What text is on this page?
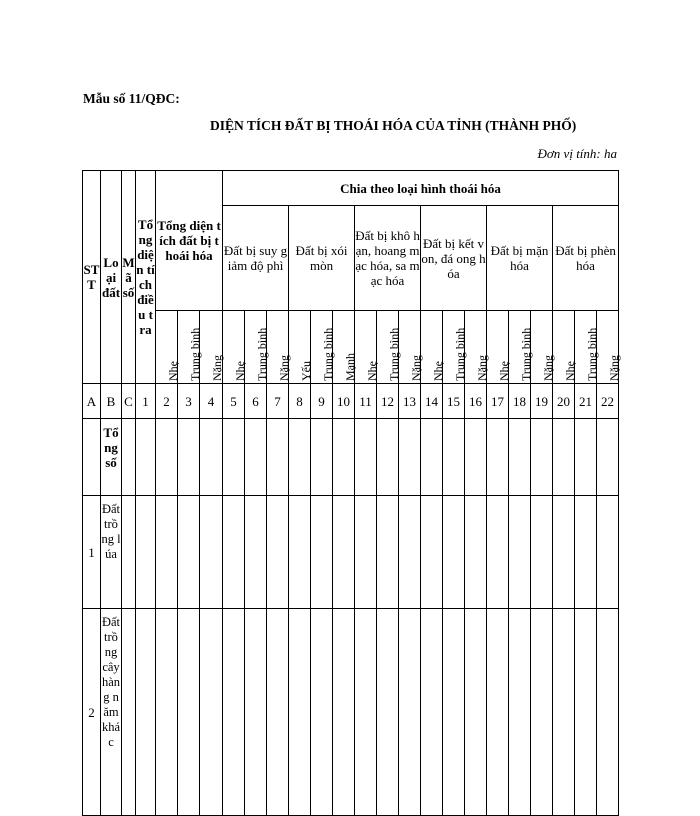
Mẫu số 11/QĐC:
DIỆN TÍCH ĐẤT BỊ THOÁI HÓA CỦA TỈNH (THÀNH PHỐ)
Đơn vị tính: ha
STT	Loại đất	Mã số	Tổng diện tích điều tra	Tổng diện tích đất bị thoái hóa			Chia theo loại hình thoái hóa																	
							Đất bị suy giảm độ phì			Đất bị xói mòn			Đất bị khô hạn, hoang mạc hóa, sa mạc hóa			Đất bị kết von, đá ong hóa			Đất bị mặn hóa			Đất bị phèn hóa		

				Nhẹ	Trung bình	Nặng	Nhẹ	Trung bình	Nặng	Yếu	Trung bình	Mạnh	Nhẹ	Trung bình	Nặng	Nhẹ	Trung bình	Nặng	Nhẹ	Trung bình	Nặng	Nhẹ	Trung bình	Nặng

A	B	C	1	2	3	4	5	6	7	8	9	10	11	12	13	14	15	16	17	18	19	20	21	22
	Tổng số																							
1	Đất trồng lúa																							
2	Đất trồng cây hàng năm khác																							
